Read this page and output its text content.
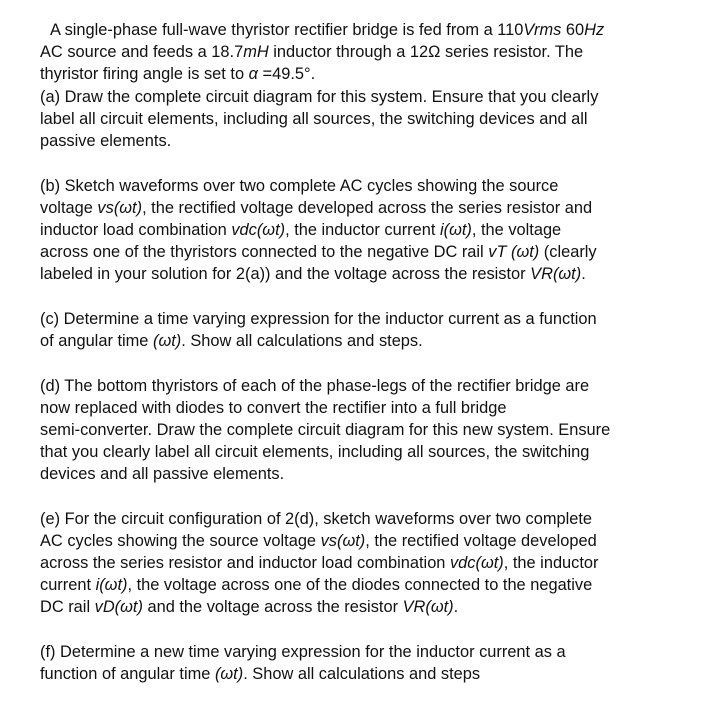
A single-phase full-wave thyristor rectifier bridge is fed from a 110Vrms 60Hz
AC source and feeds a 18.7mH inductor through a 12Ω series resistor. The
thyristor firing angle is set to α =49.5°.
(a) Draw the complete circuit diagram for this system. Ensure that you clearly
label all circuit elements, including all sources, the switching devices and all
passive elements.
(b) Sketch waveforms over two complete AC cycles showing the source
voltage vs(ωt), the rectified voltage developed across the series resistor and
inductor load combination vdc(ωt), the inductor current i(ωt), the voltage
across one of the thyristors connected to the negative DC rail vT (ωt) (clearly
labeled in your solution for 2(a)) and the voltage across the resistor VR(ωt).
(c) Determine a time varying expression for the inductor current as a function
of angular time (ωt). Show all calculations and steps.
(d) The bottom thyristors of each of the phase-legs of the rectifier bridge are
now replaced with diodes to convert the rectifier into a full bridge
semi-converter. Draw the complete circuit diagram for this new system. Ensure
that you clearly label all circuit elements, including all sources, the switching
devices and all passive elements.
(e) For the circuit configuration of 2(d), sketch waveforms over two complete
AC cycles showing the source voltage vs(ωt), the rectified voltage developed
across the series resistor and inductor load combination vdc(ωt), the inductor
current i(ωt), the voltage across one of the diodes connected to the negative
DC rail vD(ωt) and the voltage across the resistor VR(ωt).
(f) Determine a new time varying expression for the inductor current as a
function of angular time (ωt). Show all calculations and steps
